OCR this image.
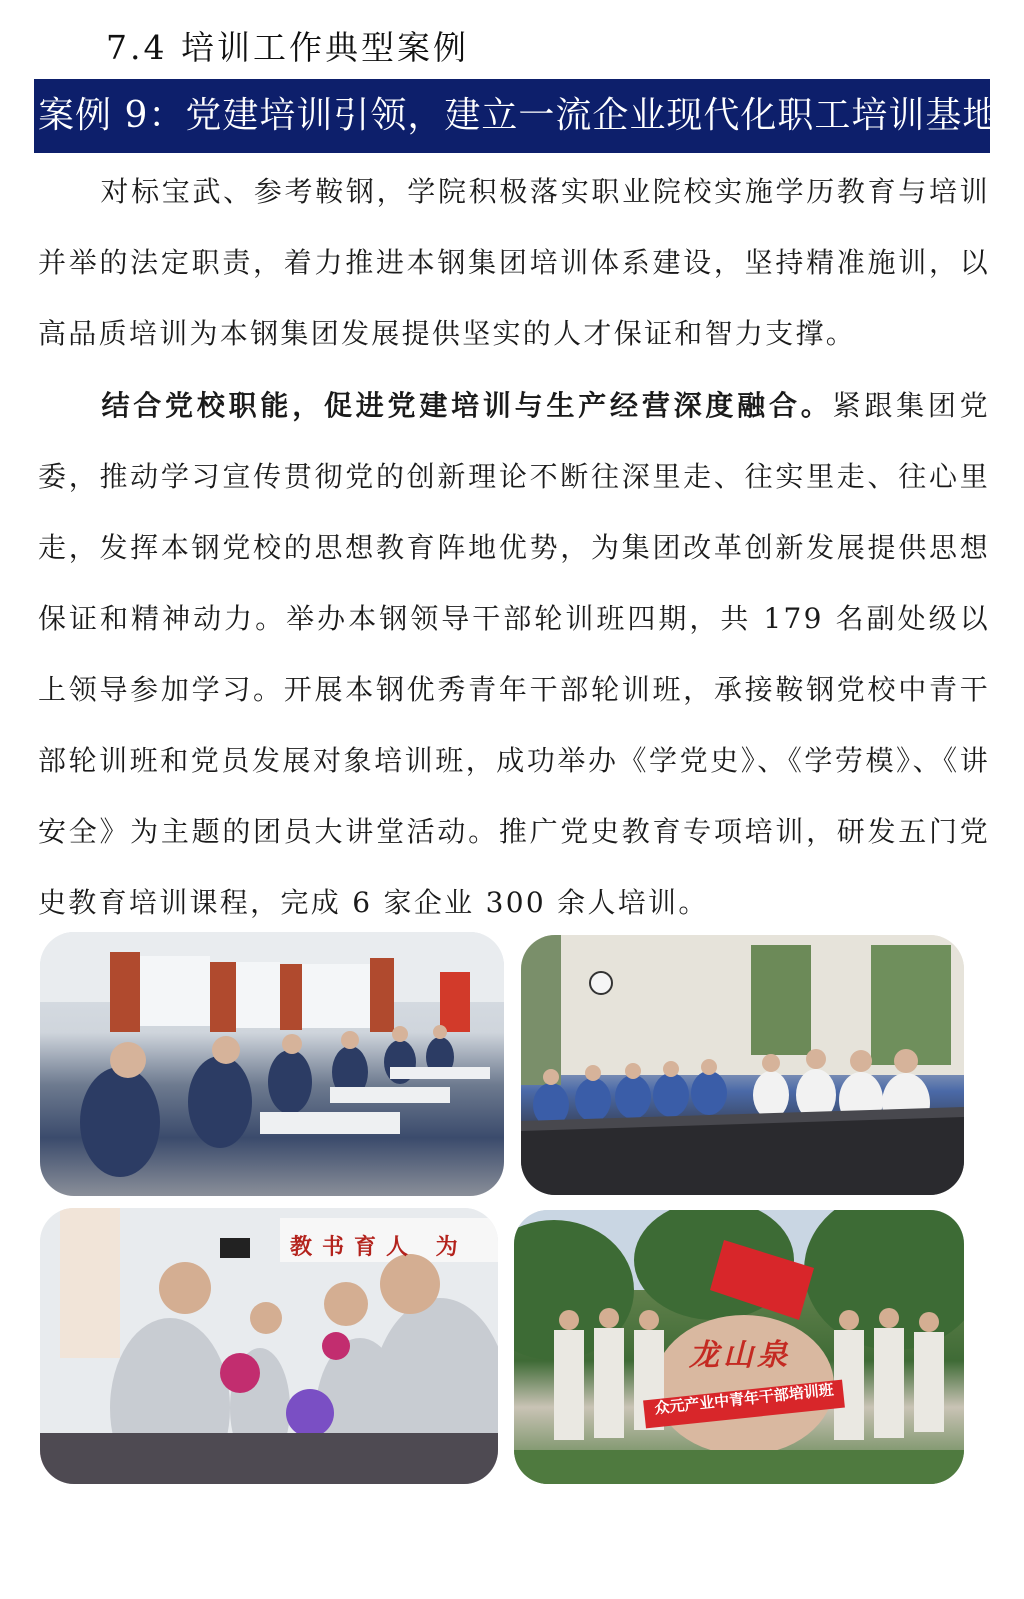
7.4 培训工作典型案例
案例 9：党建培训引领，建立一流企业现代化职工培训基地

对标宝武、参考鞍钢，学院积极落实职业院校实施学历教育与培训并举的法定职责，着力推进本钢集团培训体系建设，坚持精准施训，以高品质培训为本钢集团发展提供坚实的人才保证和智力支撑。

结合党校职能，促进党建培训与生产经营深度融合。紧跟集团党委，推动学习宣传贯彻党的创新理论不断往深里走、往实里走、往心里走，发挥本钢党校的思想教育阵地优势，为集团改革创新发展提供思想保证和精神动力。举办本钢领导干部轮训班四期，共 179 名副处级以上领导参加学习。开展本钢优秀青年干部轮训班，承接鞍钢党校中青干部轮训班和党员发展对象培训班，成功举办《学党史》、《学劳模》、《讲安全》为主题的团员大讲堂活动。推广党史教育专项培训，研发五门党史教育培训课程，完成 6 家企业 300 余人培训。

教书育人 为
龙山泉
众元产业中青年干部培训班
